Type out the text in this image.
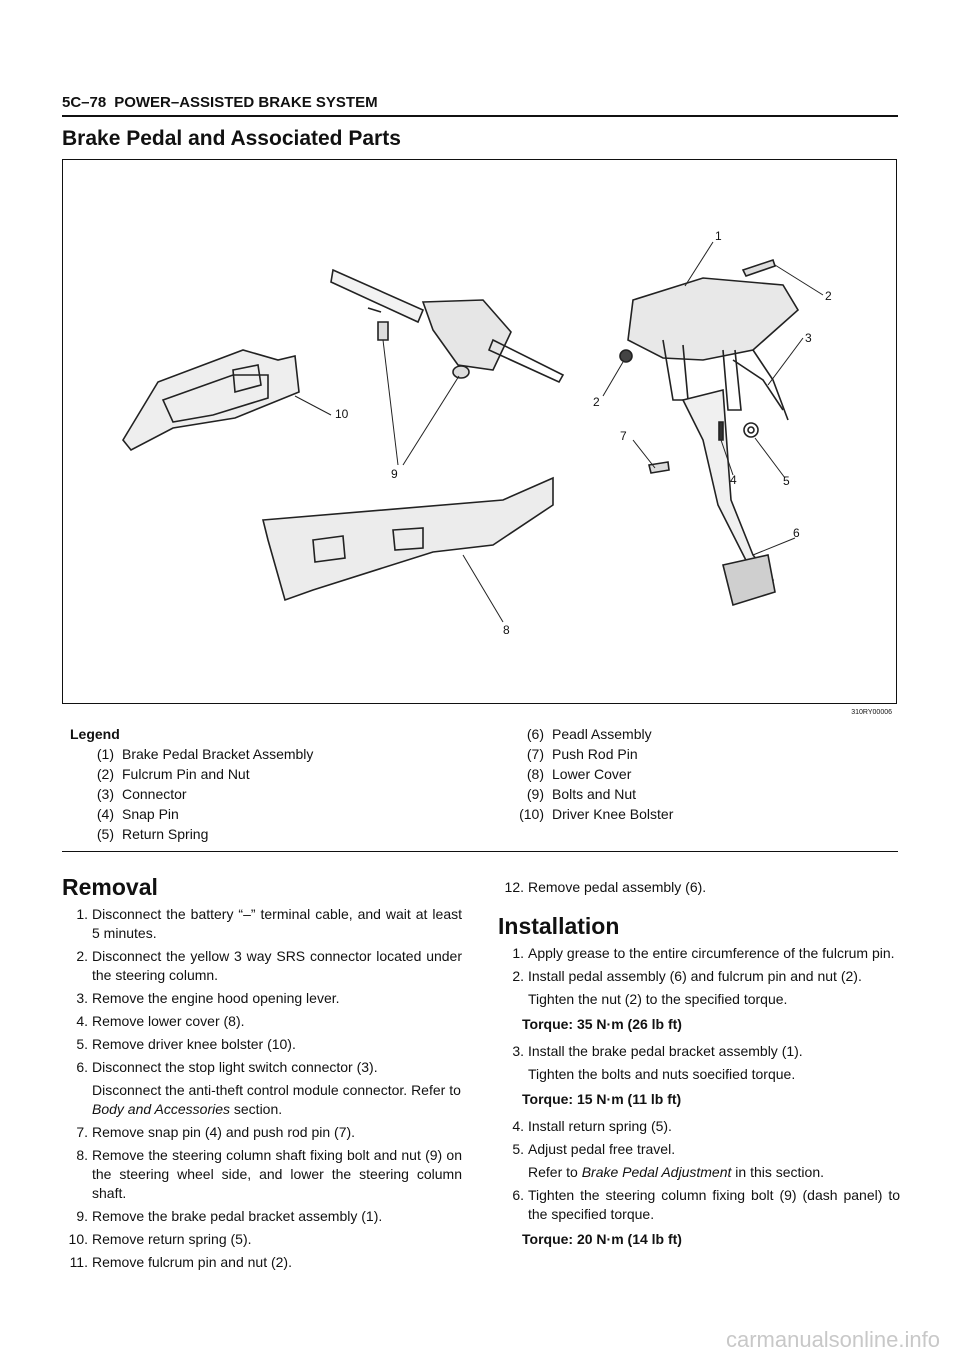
5C–78 POWER–ASSISTED BRAKE SYSTEM
Brake Pedal and Associated Parts
1
2
3
2
7
4	5
6
10
9
8
310RY00006
Legend
(1) Brake Pedal Bracket Assembly
(2) Fulcrum Pin and Nut
(3) Connector
(4) Snap Pin
(5) Return Spring
(6) Peadl Assembly
(7) Push Rod Pin
(8) Lower Cover
(9) Bolts and Nut
(10) Driver Knee Bolster
Removal
1. Disconnect the battery “–” terminal cable, and wait at least 5 minutes.
2. Disconnect the yellow 3 way SRS connector located under the steering column.
3. Remove the engine hood opening lever.
4. Remove lower cover (8).
5. Remove driver knee bolster (10).
6. Disconnect the stop light switch connector (3).
Disconnect the anti-theft control module connector. Refer to Body and Accessories section.
7. Remove snap pin (4) and push rod pin (7).
8. Remove the steering column shaft fixing bolt and nut (9) on the steering wheel side, and lower the steering column shaft.
9. Remove the brake pedal bracket assembly (1).
10. Remove return spring (5).
11. Remove fulcrum pin and nut (2).
12. Remove pedal assembly (6).
Installation
1. Apply grease to the entire circumference of the fulcrum pin.
2. Install pedal assembly (6) and fulcrum pin and nut (2).
Tighten the nut (2) to the specified torque.
Torque: 35 N·m (26 lb ft)
3. Install the brake pedal bracket assembly (1).
Tighten the bolts and nuts soecified torque.
Torque: 15 N·m (11 lb ft)
4. Install return spring (5).
5. Adjust pedal free travel.
Refer to Brake Pedal Adjustment in this section.
6. Tighten the steering column fixing bolt (9) (dash panel) to the specified torque.
Torque: 20 N·m (14 lb ft)
carmanualsonline.info
